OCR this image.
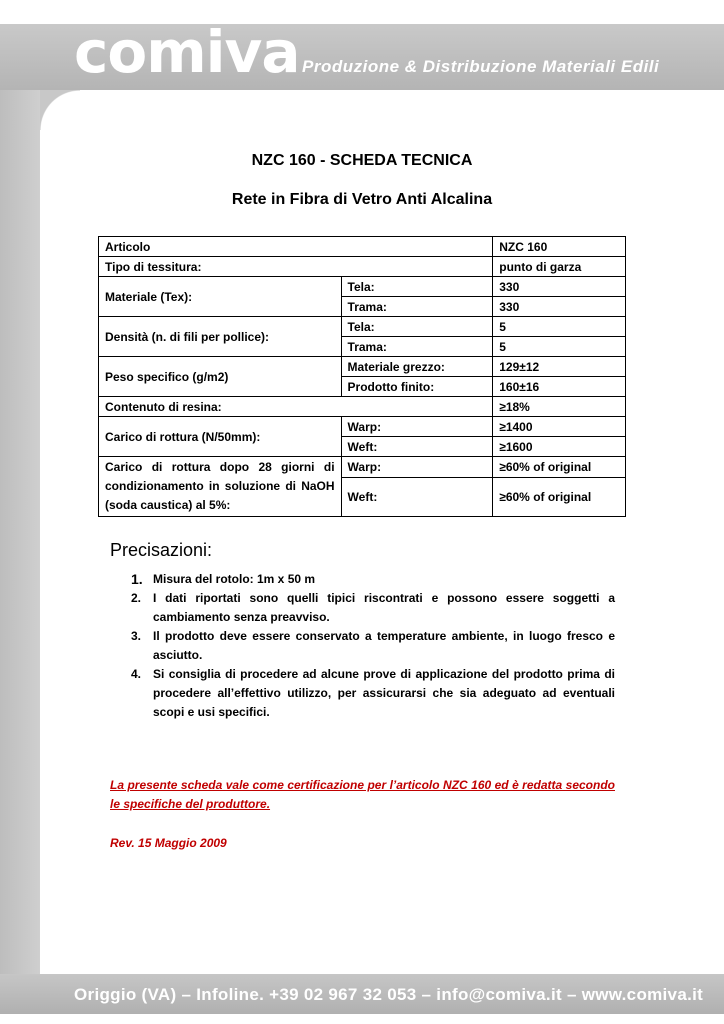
comiva Produzione & Distribuzione Materiali Edili
NZC 160 - SCHEDA TECNICA
Rete in Fibra di Vetro Anti Alcalina
Articolo		NZC 160
Tipo di tessitura:		punto di garza
Materiale (Tex):	Tela:	330
	Trama:	330
Densità (n. di fili per pollice):	Tela:	5
	Trama:	5
Peso specifico (g/m2)	Materiale grezzo:	129±12
	Prodotto finito:	160±16
Contenuto di resina:		≥18%
Carico di rottura (N/50mm):	Warp:	≥1400
	Weft:	≥1600
Carico di rottura dopo 28 giorni di condizionamento in soluzione di NaOH (soda caustica) al 5%:	Warp:	≥60% of original
	Weft:	≥60% of original
Precisazioni:
1. Misura del rotolo: 1m x 50 m
2. I dati riportati sono quelli tipici riscontrati e possono essere soggetti a cambiamento senza preavviso.
3. Il prodotto deve essere conservato a temperature ambiente, in luogo fresco e asciutto.
4. Si consiglia di procedere ad alcune prove di applicazione del prodotto prima di procedere all’effettivo utilizzo, per assicurarsi che sia adeguato ad eventuali scopi e usi specifici.
La presente scheda vale come certificazione per l’articolo NZC 160 ed è redatta secondo le specifiche del produttore.
Rev. 15 Maggio 2009
Origgio (VA) – Infoline. +39 02 967 32 053 – info@comiva.it – www.comiva.it
